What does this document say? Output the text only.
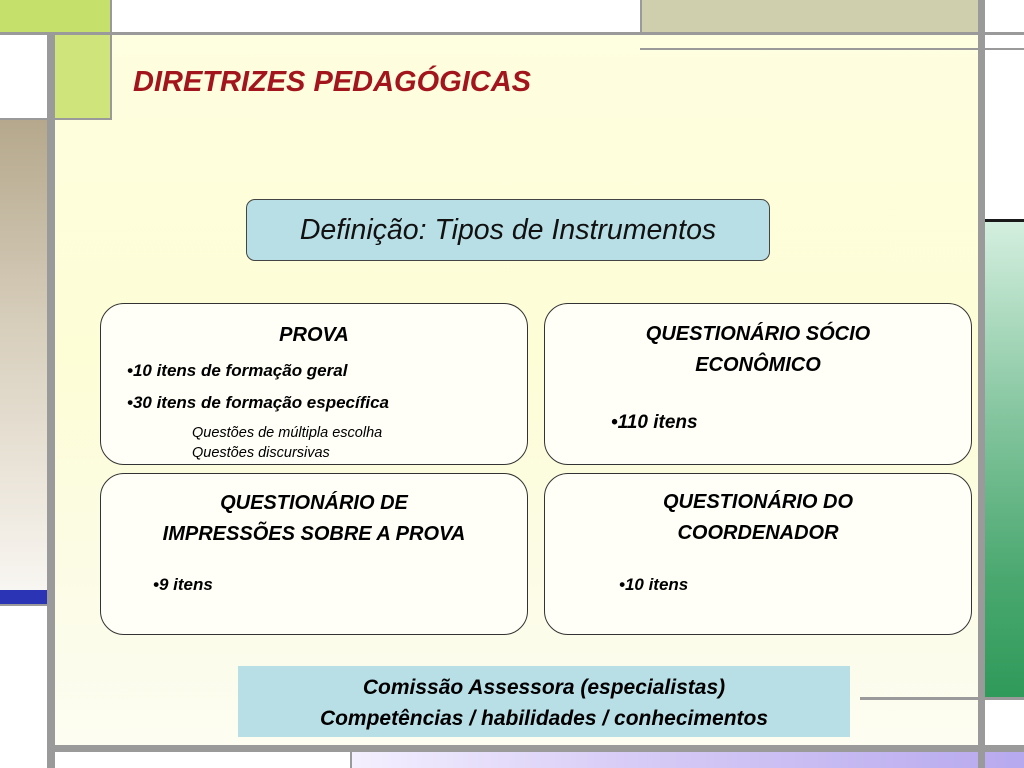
DIRETRIZES PEDAGÓGICAS
Definição: Tipos de Instrumentos
PROVA
•10 itens de formação geral
•30 itens de formação específica
Questões de múltipla escolha
Questões discursivas
QUESTIONÁRIO SÓCIO
ECONÔMICO
•110 itens
QUESTIONÁRIO DE
IMPRESSÕES SOBRE A PROVA
•9 itens
QUESTIONÁRIO DO
COORDENADOR
•10 itens
Comissão Assessora (especialistas)
Competências / habilidades / conhecimentos
